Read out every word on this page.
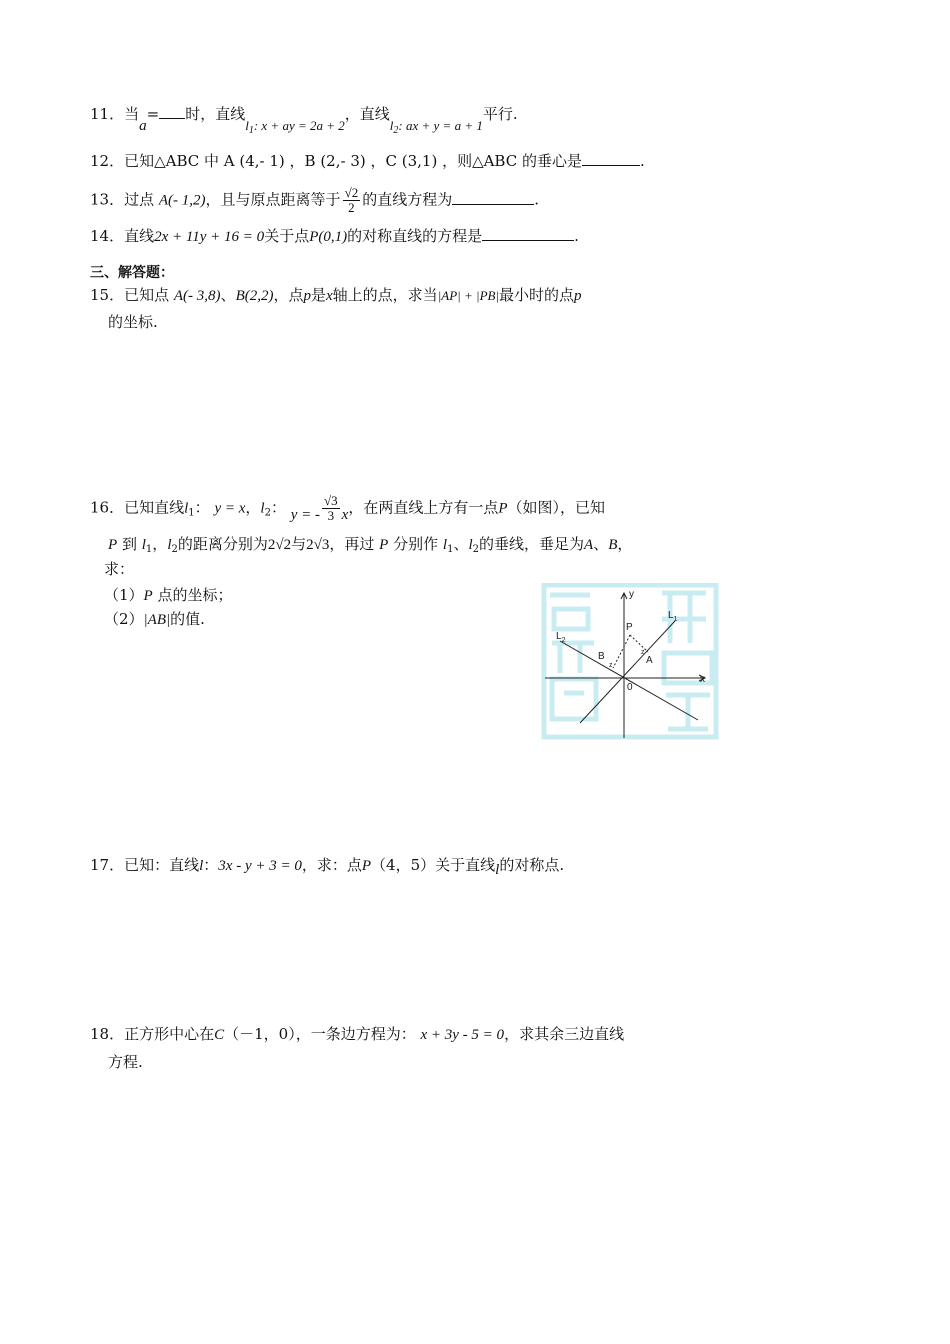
11．当a= 时，直线$l_1$: x + ay = 2a + 2，直线$l_2$: ax + y = a + 1平行.
12．已知△ABC 中 A (4,- 1) ，B (2,- 3) ，C (3,1) ，则△ABC 的垂心是	.
13．过点 A(- 1,2)，且与原点距离等于 $\frac{√2}{2}$ 的直线方程为	.
14．直线2x + 11y + 16 = 0关于点P(0,1)的对称直线的方程是	.
三、解答题：
15．已知点 A(- 3,8)、B(2,2)，点p是x轴上的点，求当|AP| + |PB|最小时的点p
的坐标.
16．已知直线$l_1$： y = x，$l_2$： y = - $\frac{√3}{3}$ x，在两直线上方有一点P（如图），已知
P 到 $l_1$，$l_2$的距离分别为2√2与2√3，再过 P 分别作 $l_1$、$l_2$的垂线，垂足为A、B，
求：
（1）P 点的坐标；
（2）|AB|的值.
y
x
$L_1$
$L_2$
P
A
B
0
z
z
17．已知：直线l：3x - y + 3 = 0，求：点P（4，5）关于直线l的对称点.
18．正方形中心在C（－1，0），一条边方程为： x + 3y - 5 = 0，求其余三边直线
方程.
